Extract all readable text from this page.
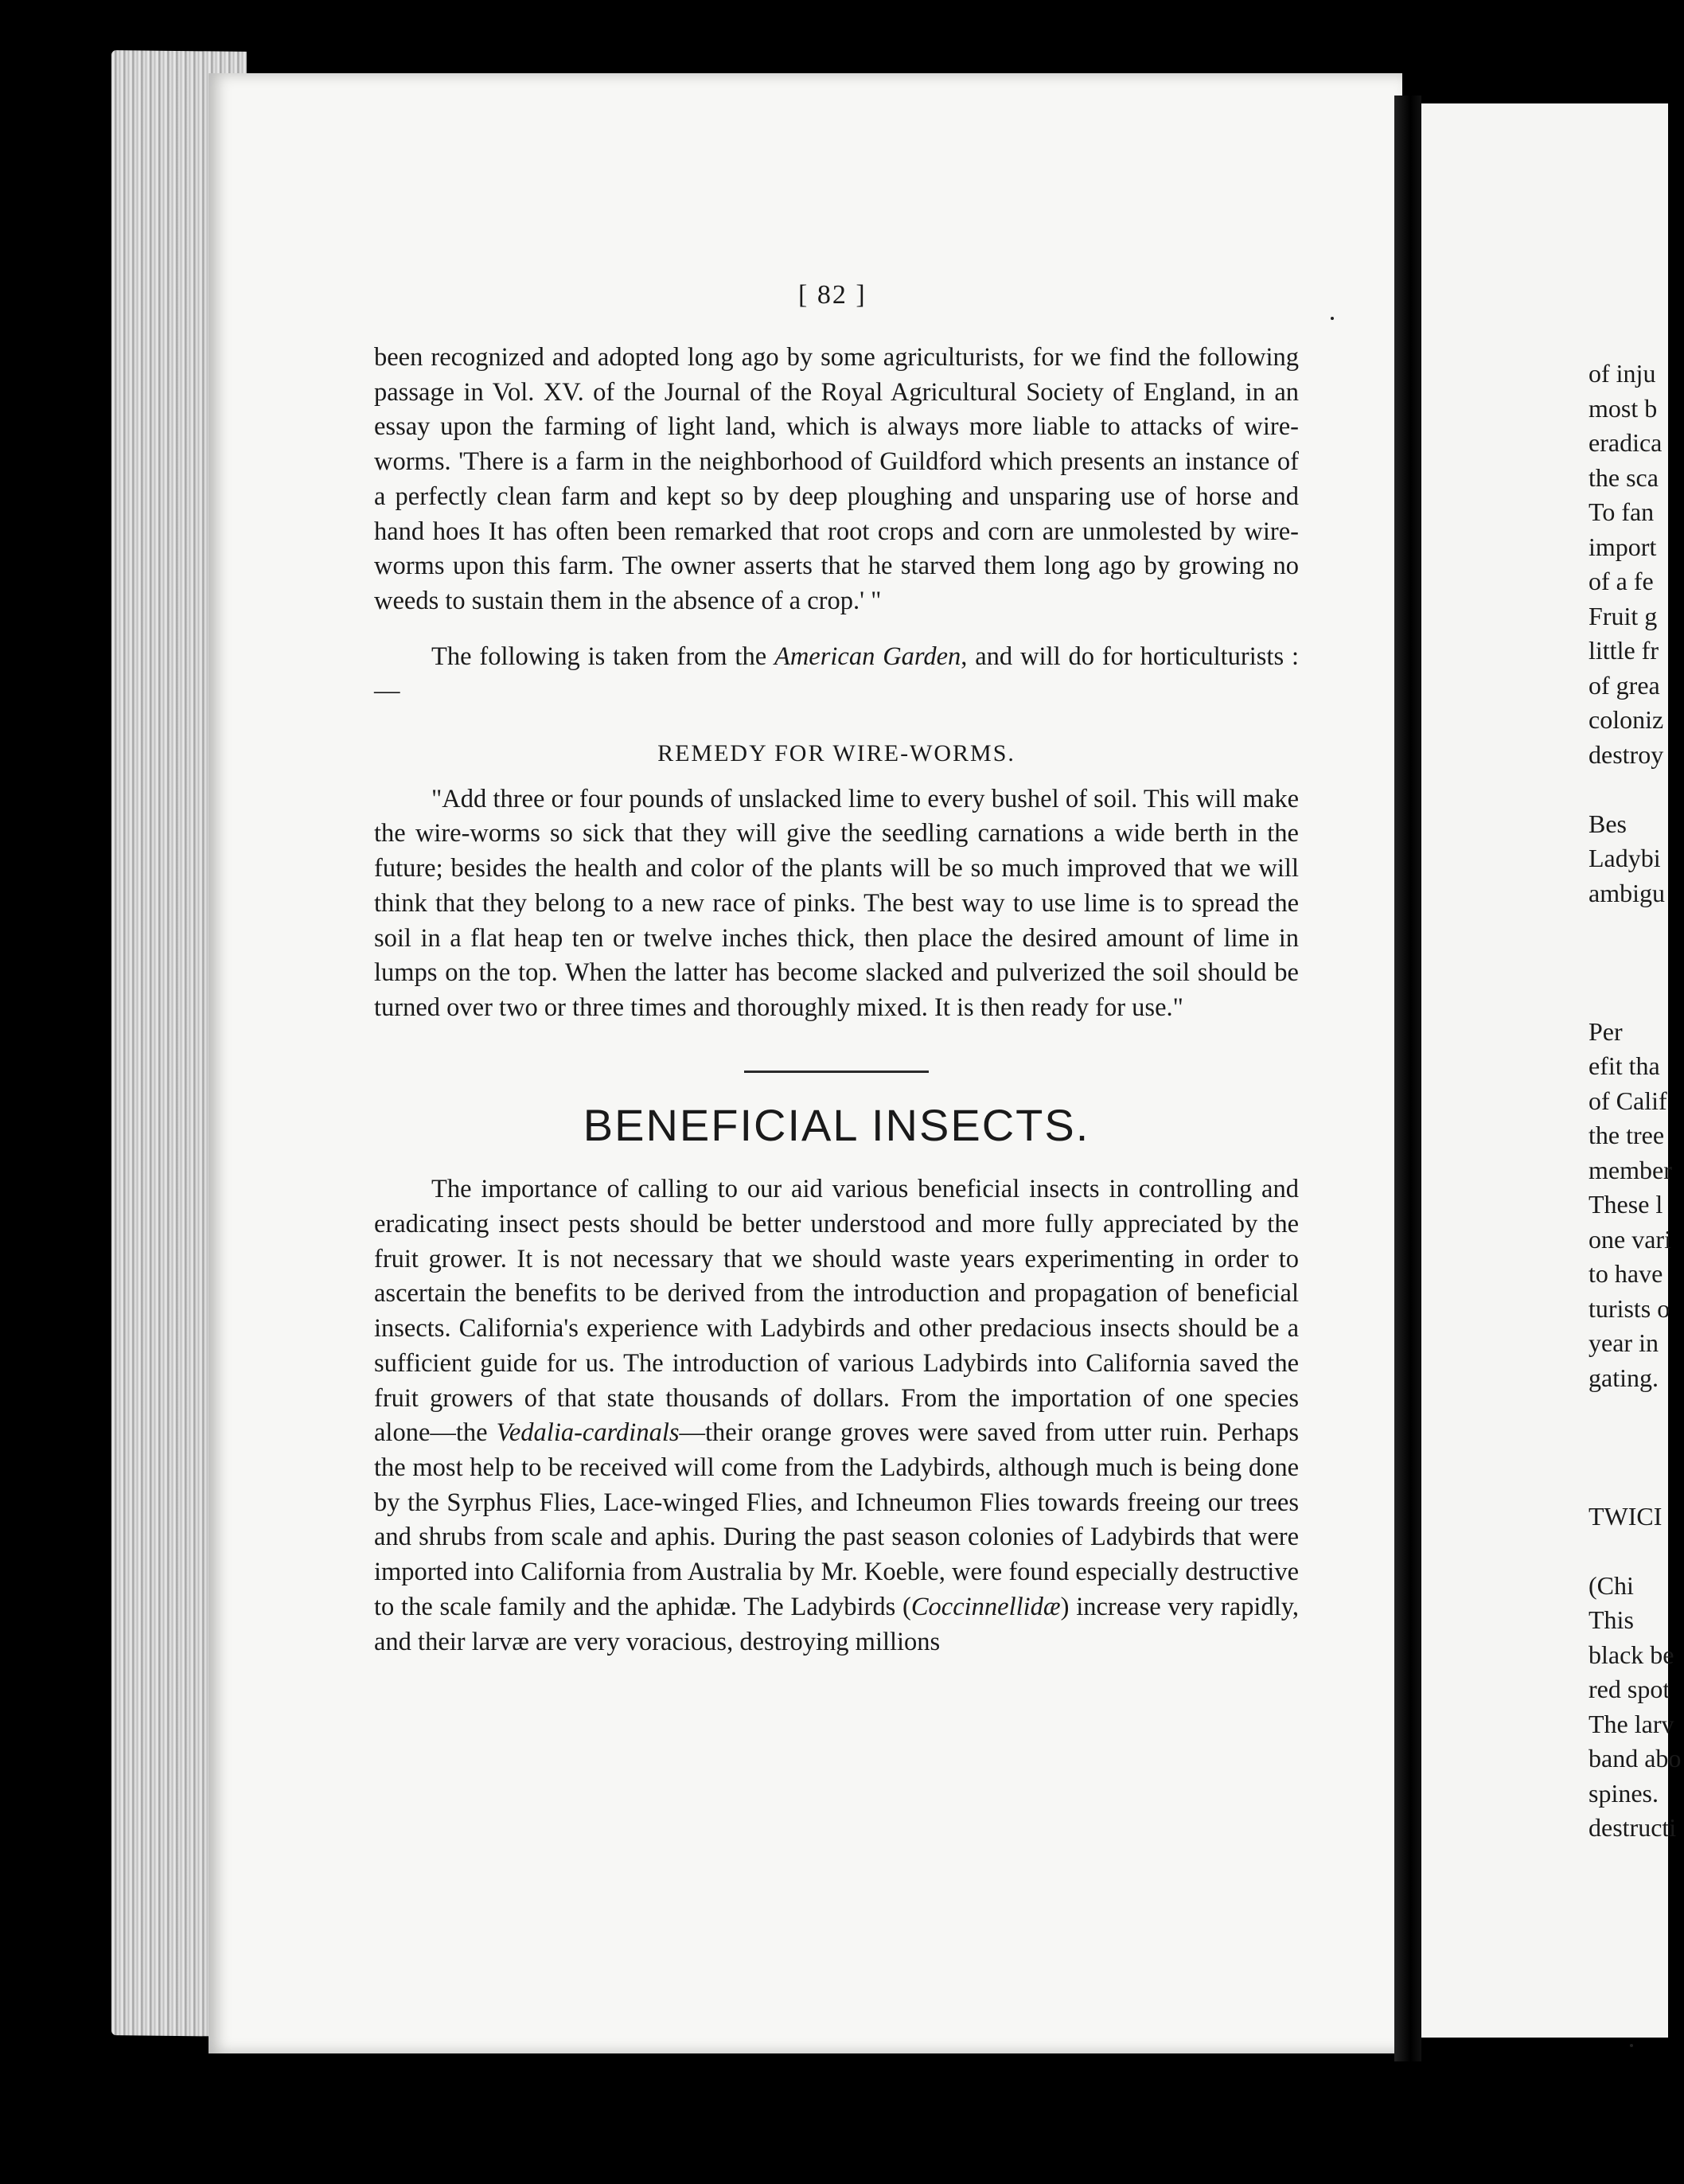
[ 82 ]

been recognized and adopted long ago by some agriculturists, for we find the following passage in Vol. XV. of the Journal of the Royal Agricultural Society of England, in an essay upon the farming of light land, which is always more liable to attacks of wire-worms. 'There is a farm in the neighborhood of Guildford which presents an instance of a perfectly clean farm and kept so by deep ploughing and unsparing use of horse and hand hoes It has often been remarked that root crops and corn are unmolested by wire-worms upon this farm. The owner asserts that he starved them long ago by growing no weeds to sustain them in the absence of a crop.' "

The following is taken from the American Garden, and will do for horticulturists :—

REMEDY FOR WIRE-WORMS.

"Add three or four pounds of unslacked lime to every bushel of soil. This will make the wire-worms so sick that they will give the seedling carnations a wide berth in the future; besides the health and color of the plants will be so much improved that we will think that they belong to a new race of pinks. The best way to use lime is to spread the soil in a flat heap ten or twelve inches thick, then place the desired amount of lime in lumps on the top. When the latter has become slacked and pulverized the soil should be turned over two or three times and thoroughly mixed. It is then ready for use."

BENEFICIAL INSECTS.

The importance of calling to our aid various beneficial insects in controlling and eradicating insect pests should be better understood and more fully appreciated by the fruit grower. It is not necessary that we should waste years experimenting in order to ascertain the benefits to be derived from the introduction and propagation of beneficial insects. California's experience with Ladybirds and other predacious insects should be a sufficient guide for us. The introduction of various Ladybirds into California saved the fruit growers of that state thousands of dollars. From the importation of one species alone—the Vedalia-cardinals—their orange groves were saved from utter ruin. Perhaps the most help to be received will come from the Ladybirds, although much is being done by the Syrphus Flies, Lace-winged Flies, and Ichneumon Flies towards freeing our trees and shrubs from scale and aphis. During the past season colonies of Ladybirds that were imported into California from Australia by Mr. Koeble, were found especially destructive to the scale family and the aphidæ. The Ladybirds (Coccinnellidæ) increase very rapidly, and their larvæ are very voracious, destroying millions

of inju
most b
eradica
the sca
To fan
import
of a fe
Fruit g
little fr
of grea
coloniz
destroy
Bes
Ladybi
ambigu
Per
efit tha
of Calif
the tree
member
These l
one vari
to have
turists o
year in
gating.
TWICI
(Chi
This
black be
red spot
The larv
band abo
spines.
destructi
